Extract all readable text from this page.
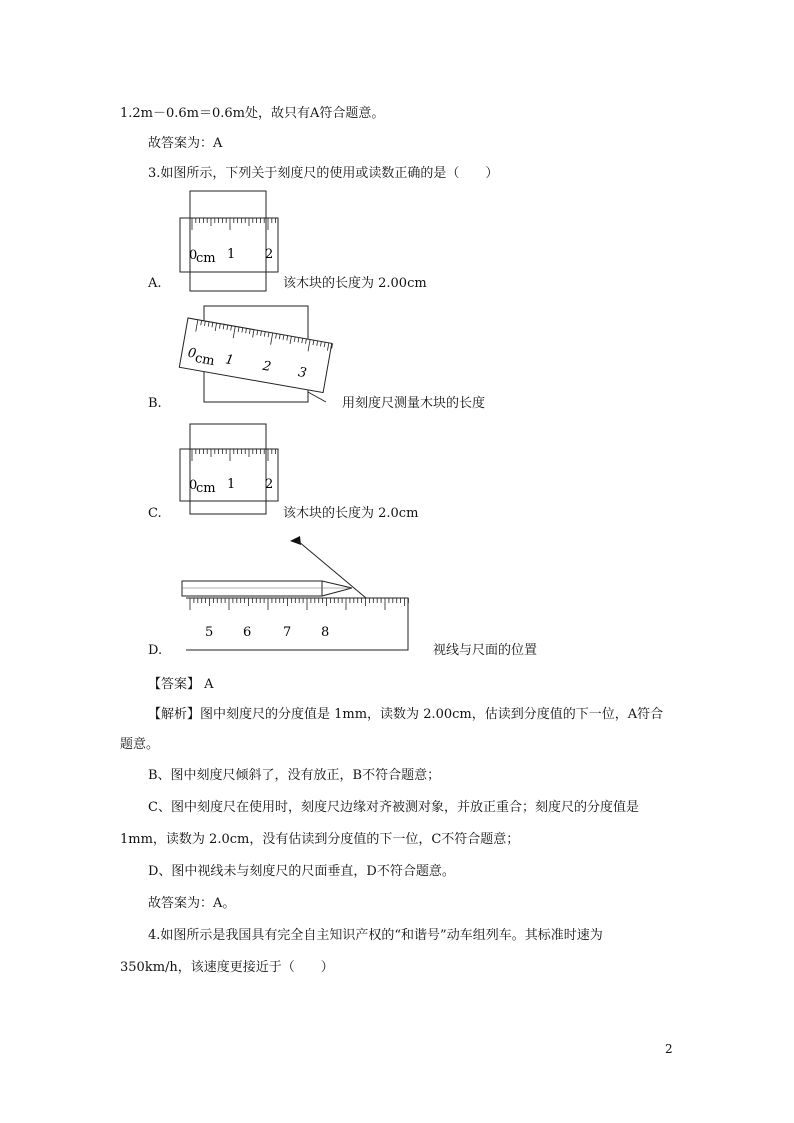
1.2m－0.6m＝0.6m处，故只有A符合题意。
故答案为：A
3.如图所示，下列关于刻度尺的使用或读数正确的是（　　）
A.	该木块的长度为 2.00cm
0
cm 1 2
B.	用刻度尺测量木块的长度
0
cm 1 2 3
C.	该木块的长度为 2.0cm
0
cm 1 2
D.	视线与尺面的位置
5 6 7 8
【答案】 A
【解析】图中刻度尺的分度值是 1mm，读数为 2.00cm，估读到分度值的下一位，A符合
题意。
B、图中刻度尺倾斜了，没有放正，B不符合题意；
C、图中刻度尺在使用时，刻度尺边缘对齐被测对象，并放正重合；刻度尺的分度值是
1mm，读数为 2.0cm，没有估读到分度值的下一位，C不符合题意；
D、图中视线未与刻度尺的尺面垂直，D不符合题意。
故答案为：A。
4.如图所示是我国具有完全自主知识产权的“和谐号”动车组列车。其标准时速为
350km/h，该速度更接近于（　　）
2
